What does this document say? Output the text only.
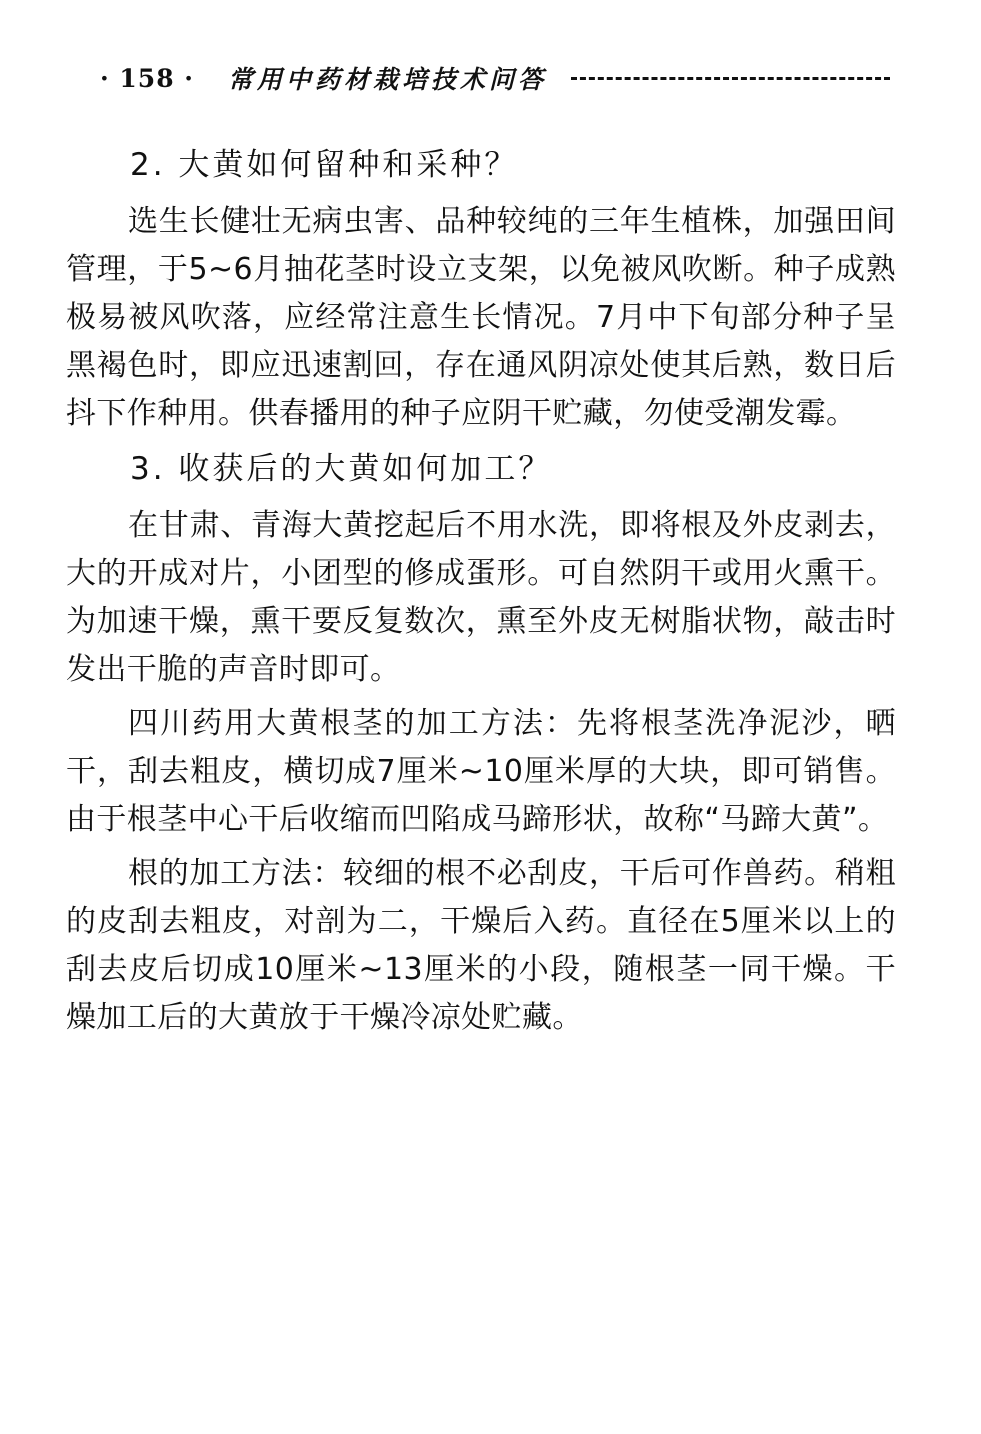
· 158 · 常用中药材栽培技术问答
2. 大黄如何留种和采种？

选生长健壮无病虫害、品种较纯的三年生植株，加强田间管理，于5~6月抽花茎时设立支架，以免被风吹断。种子成熟极易被风吹落，应经常注意生长情况。7月中下旬部分种子呈黑褐色时，即应迅速割回，存在通风阴凉处使其后熟，数日后抖下作种用。供春播用的种子应阴干贮藏，勿使受潮发霉。

3. 收获后的大黄如何加工？

在甘肃、青海大黄挖起后不用水洗，即将根及外皮剥去，大的开成对片，小团型的修成蛋形。可自然阴干或用火熏干。为加速干燥，熏干要反复数次，熏至外皮无树脂状物，敲击时发出干脆的声音时即可。

四川药用大黄根茎的加工方法：先将根茎洗净泥沙，晒干，刮去粗皮，横切成7厘米~10厘米厚的大块，即可销售。由于根茎中心干后收缩而凹陷成马蹄形状，故称“马蹄大黄”。

根的加工方法：较细的根不必刮皮，干后可作兽药。稍粗的皮刮去粗皮，对剖为二，干燥后入药。直径在5厘米以上的刮去皮后切成10厘米~13厘米的小段，随根茎一同干燥。干燥加工后的大黄放于干燥冷凉处贮藏。
